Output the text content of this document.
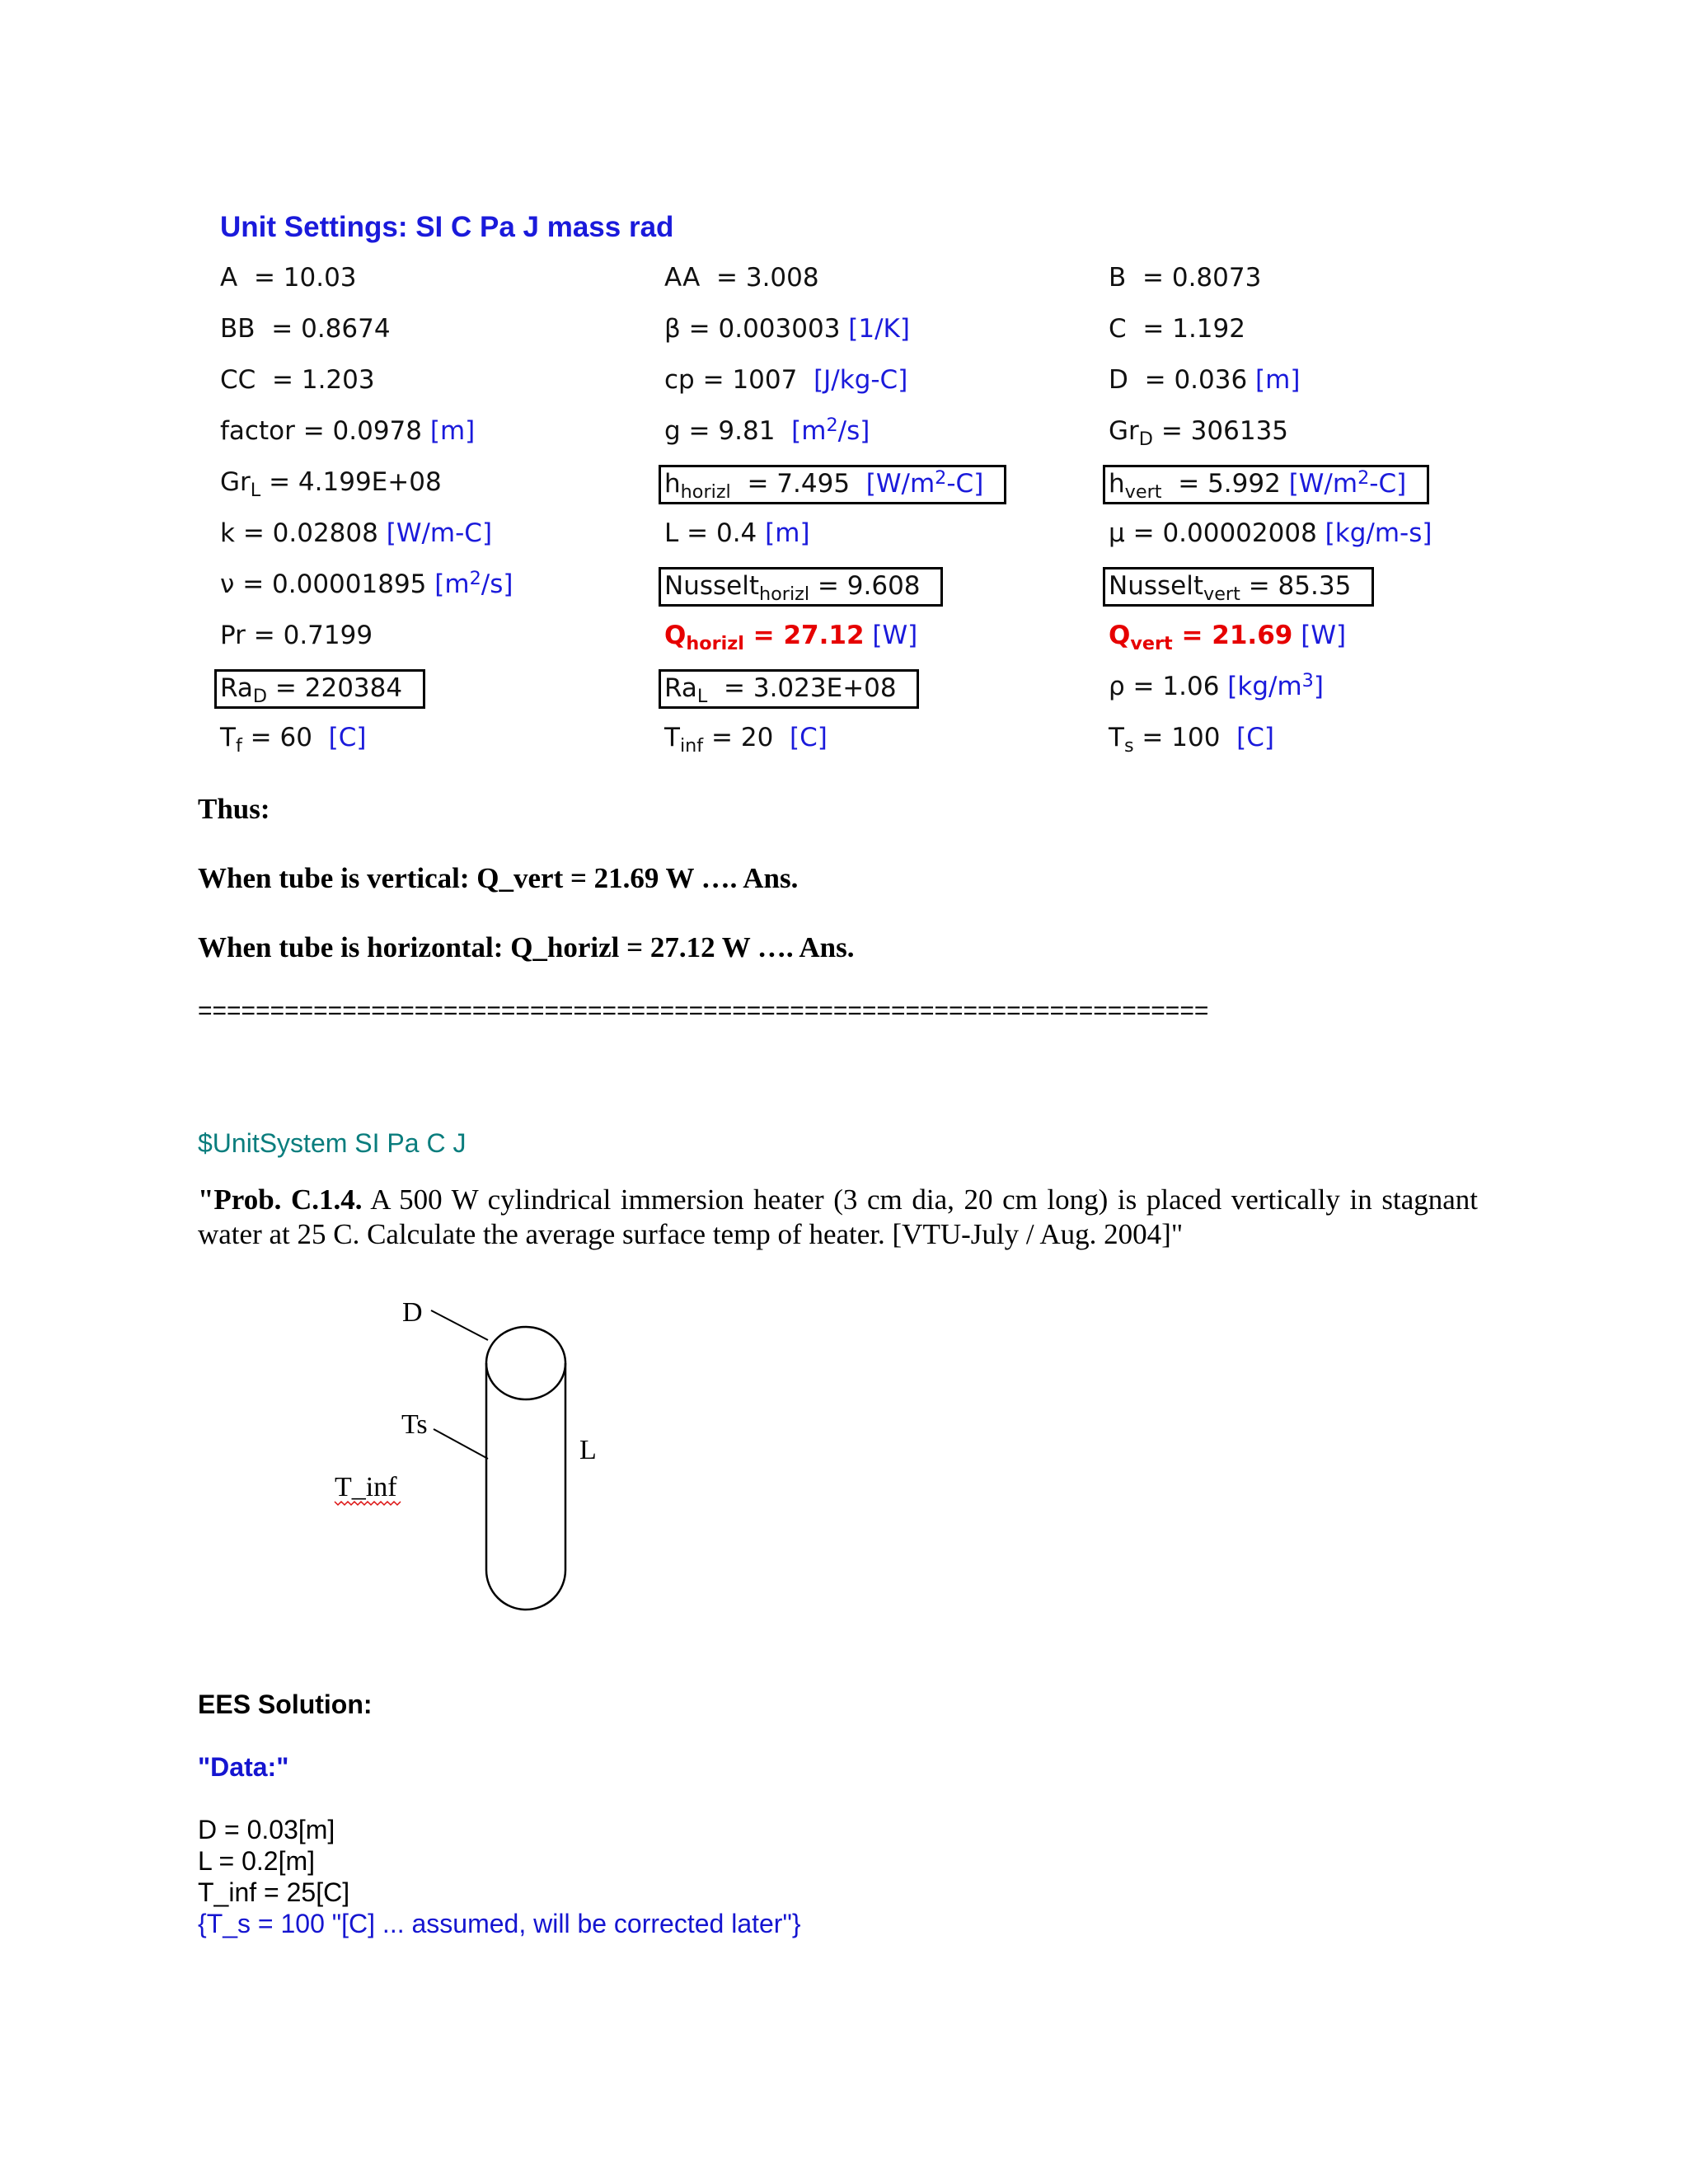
Unit Settings: SI C Pa J mass rad
A = 10.03
BB = 0.8674
CC = 1.203
factor = 0.0978 [m]
$Gr_L = 4.199E+08$
k = 0.02808 [W/m-C]
ν = 0.00001895 $[m^2/s]$
Pr = 0.7199
$Ra_D = 220384$
$T_f = 60$ [C]
AA = 3.008
β = 0.003003 [1/K]
cp = 1007 [J/kg-C]
g = 9.81 $[m^2/s]$
$h_{horizl} = 7.495$ $[W/m^2-C]$
L = 0.4 [m]
Nusselt$_{horizl}$ = 9.608
$Q_{horizl} = 27.12$ [W]
$Ra_L = 3.023E+08$
$T_{inf} = 20$ [C]
B = 0.8073
C = 1.192
D = 0.036 [m]
$Gr_D = 306135$
$h_{vert} = 5.992$ $[W/m^2-C]$
μ = 0.00002008 [kg/m-s]
Nusselt$_{vert}$ = 85.35
$Q_{vert} = 21.69$ [W]
ρ = 1.06 $[kg/m^3]$
$T_s = 100$ [C]
Thus:
When tube is vertical: Q_vert = 21.69 W …. Ans.
When tube is horizontal: Q_horizl = 27.12 W …. Ans.
======================================================================
$UnitSystem SI Pa C J
"Prob. C.1.4. A 500 W cylindrical immersion heater (3 cm dia, 20 cm long) is placed vertically in stagnant water at 25 C. Calculate the average surface temp of heater. [VTU-July / Aug. 2004]"
D
Ts
L
T_inf
EES Solution:
"Data:"
D = 0.03[m]
L = 0.2[m]
T_inf = 25[C]
{T_s = 100 "[C] ... assumed, will be corrected later"}
